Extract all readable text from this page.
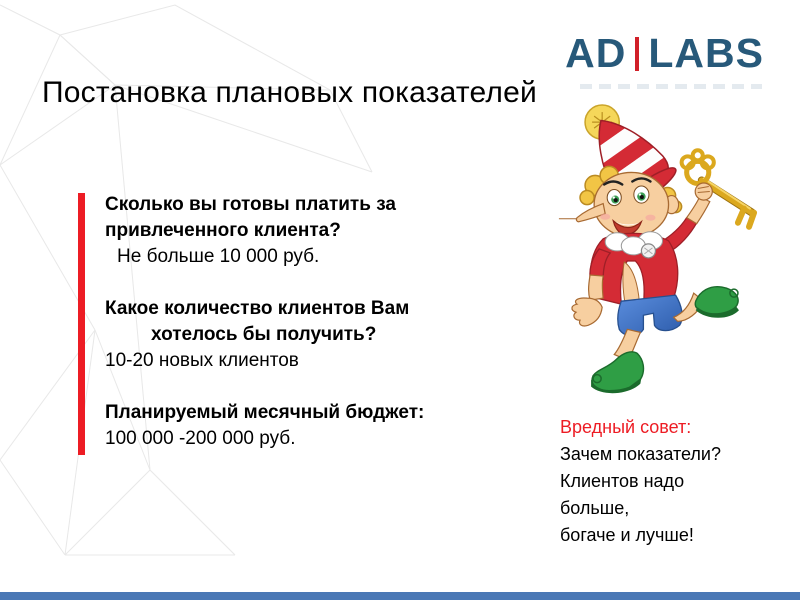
Постановка плановых показателей
AD LABS
Сколько вы готовы платить за
привлеченного клиента?
Не больше 10 000 руб.
Какое количество клиентов Вам
хотелось бы получить?
10-20 новых клиентов
Планируемый месячный бюджет:
100 000 -200 000 руб.
Вредный совет:
Зачем показатели?
Клиентов надо
больше,
богаче и лучше!
